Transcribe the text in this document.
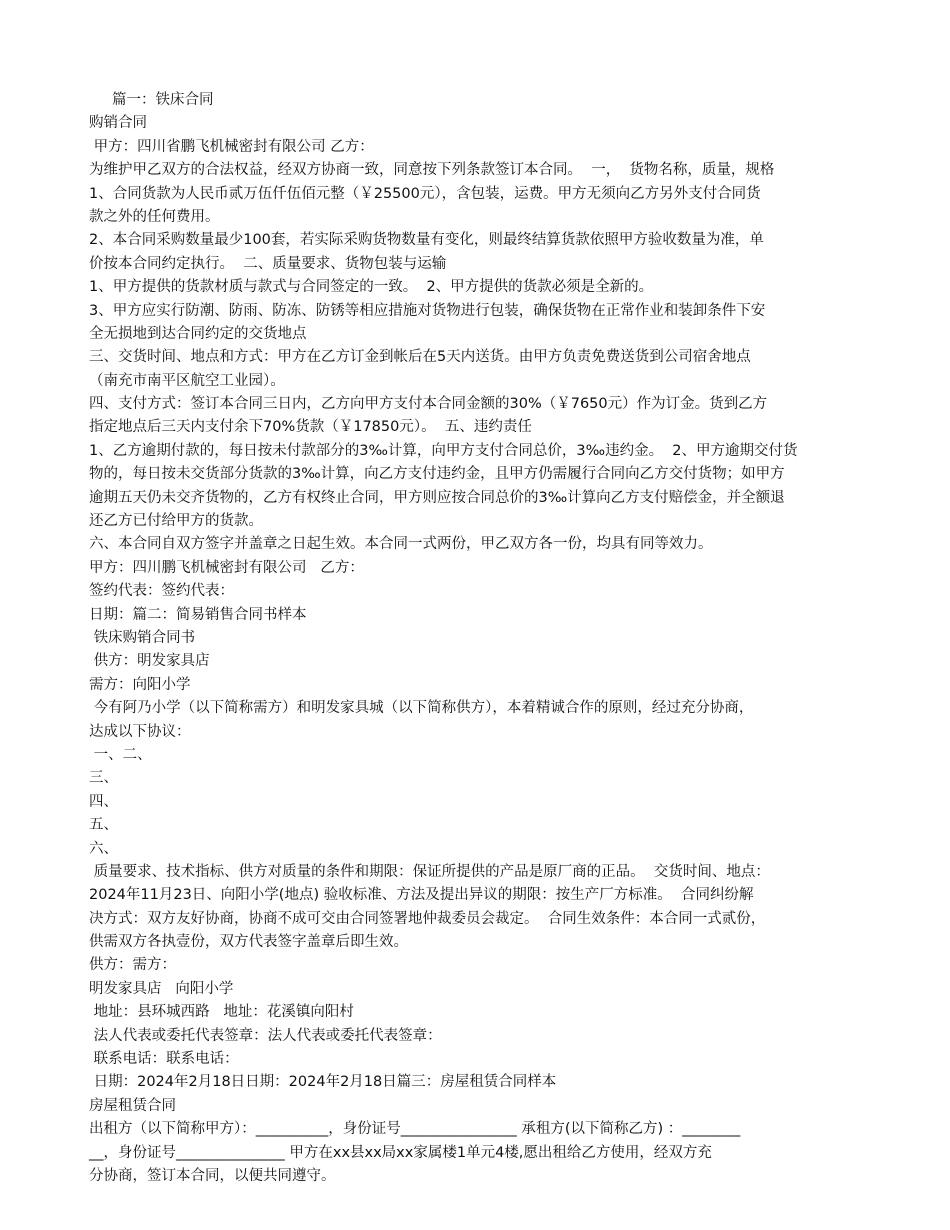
篇一：铁床合同
购销合同
甲方：四川省鹏飞机械密封有限公司 乙方：
为维护甲乙双方的合法权益，经双方协商一致，同意按下列条款签订本合同。  一，  货物名称，质量，规格
1、合同货款为人民币贰万伍仟伍佰元整（￥25500元），含包装，运费。甲方无须向乙方另外支付合同货
款之外的任何费用。
2、本合同采购数量最少100套，若实际采购货物数量有变化，则最终结算货款依照甲方验收数量为准，单
价按本合同约定执行。  二、质量要求、货物包装与运输
1、甲方提供的货款材质与款式与合同签定的一致。  2、甲方提供的货款必须是全新的。
3、甲方应实行防潮、防雨、防冻、防锈等相应措施对货物进行包装，确保货物在正常作业和装卸条件下安
全无损地到达合同约定的交货地点
三、交货时间、地点和方式：甲方在乙方订金到帐后在5天内送货。由甲方负责免费送货到公司宿舍地点
（南充市南平区航空工业园）。
四、支付方式：签订本合同三日内，乙方向甲方支付本合同金额的30%（￥7650元）作为订金。货到乙方
指定地点后三天内支付余下70%货款（￥17850元）。  五、违约责任
1、乙方逾期付款的，每日按未付款部分的3‰计算，向甲方支付合同总价，3‰违约金。  2、甲方逾期交付货
物的，每日按未交货部分货款的3‰计算，向乙方支付违约金，且甲方仍需履行合同向乙方交付货物；如甲方
逾期五天仍未交齐货物的，乙方有权终止合同，甲方则应按合同总价的3‰计算向乙方支付赔偿金，并全额退
还乙方已付给甲方的货款。
六、本合同自双方签字并盖章之日起生效。本合同一式两份，甲乙双方各一份，均具有同等效力。
甲方：四川鹏飞机械密封有限公司   乙方：
签约代表：签约代表：
日期：篇二：简易销售合同书样本
铁床购销合同书
供方：明发家具店
需方：向阳小学
今有阿乃小学（以下简称需方）和明发家具城（以下简称供方），本着精诚合作的原则，经过充分协商，
达成以下协议：
一、二、
三、
四、
五、
六、
质量要求、技术指标、供方对质量的条件和期限：保证所提供的产品是原厂商的正品。  交货时间、地点：
2024年11月23日、向阳小学(地点) 验收标准、方法及提出异议的期限：按生产厂方标准。  合同纠纷解
决方式：双方友好协商，协商不成可交由合同签署地仲裁委员会裁定。  合同生效条件：本合同一式贰份，
供需双方各执壹份，双方代表签字盖章后即生效。
供方：需方：
明发家具店   向阳小学
地址：县环城西路   地址：花溪镇向阳村
法人代表或委托代表签章：法人代表或委托代表签章：
联系电话：联系电话：
日期：2024年2月18日日期：2024年2月18日篇三：房屋租赁合同样本
房屋租赁合同
出租方（以下简称甲方）：__________，身份证号________________ 承租方(以下简称乙方) ：________
__，身份证号_______________ 甲方在xx县xx局xx家属楼1单元4楼,愿出租给乙方使用，经双方充
分协商，签订本合同，以便共同遵守。
